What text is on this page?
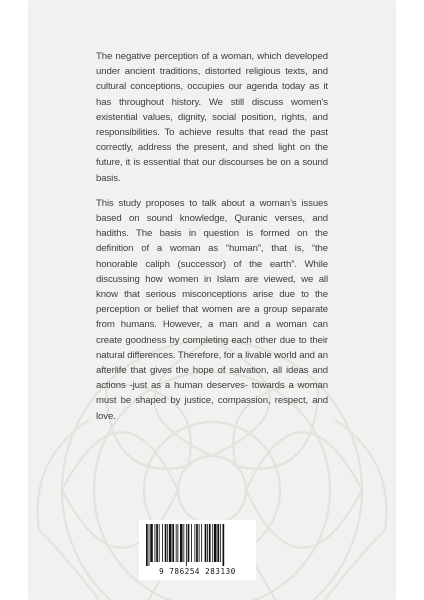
The negative perception of a woman, which developed under ancient traditions, distorted religious texts, and cultural conceptions, occupies our agenda today as it has throughout history. We still discuss women’s existential values, dignity, social position, rights, and responsibilities. To achieve results that read the past correctly, address the present, and shed light on the future, it is essential that our discourses be on a sound basis.

This study proposes to talk about a woman’s issues based on sound knowledge, Quranic verses, and hadiths. The basis in question is formed on the definition of a woman as “human”, that is, “the honorable caliph (successor) of the earth”. While discussing how women in Islam are viewed, we all know that serious misconceptions arise due to the perception or belief that women are a group separate from humans. However, a man and a woman can create goodness by completing each other due to their natural differences. Therefore, for a livable world and an afterlife that gives the hope of salvation, all ideas and actions -just as a human deserves- towards a woman must be shaped by justice, compassion, respect, and love.

9 786254 283130
